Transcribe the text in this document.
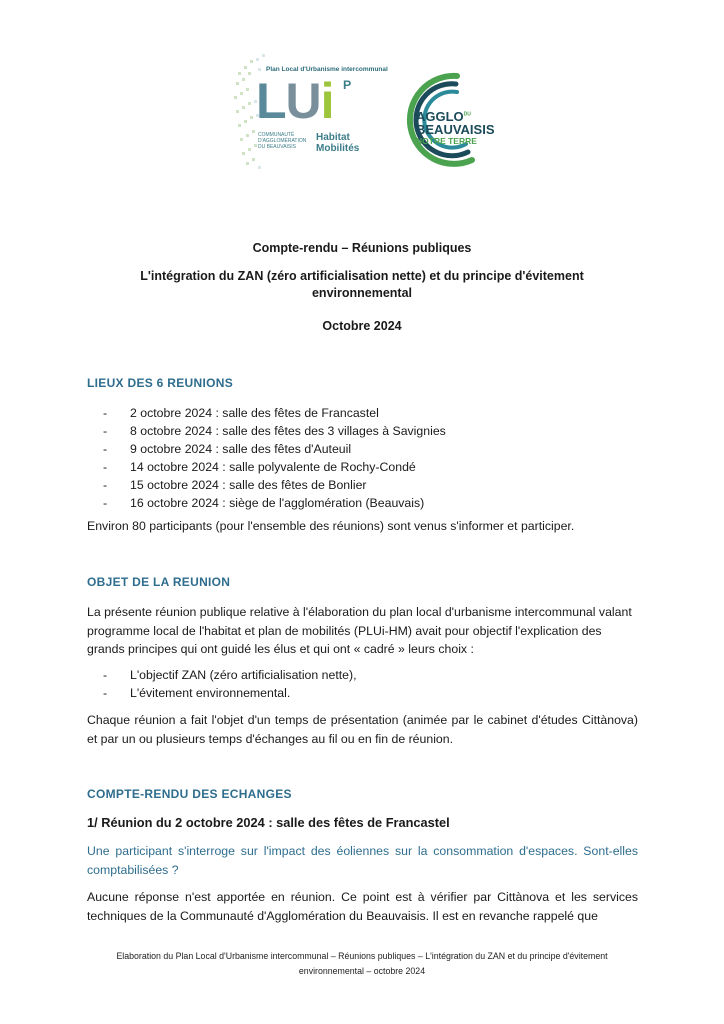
Plan Local d'Urbanisme intercommunal
P
LUi
COMMUNAUTÉ
D'AGGLOMÉRATION
DU BEAUVAISIS
Habitat
Mobilités
$AGGLO^{DU}$
BEAUVAISIS
NOTRE TERRE
Compte-rendu – Réunions publiques
L'intégration du ZAN (zéro artificialisation nette) et du principe d'évitement environnemental
Octobre 2024
LIEUX DES 6 REUNIONS
- 2 octobre 2024 : salle des fêtes de Francastel
- 8 octobre 2024 : salle des fêtes des 3 villages à Savignies
- 9 octobre 2024 : salle des fêtes d'Auteuil
- 14 octobre 2024 : salle polyvalente de Rochy-Condé
- 15 octobre 2024 : salle des fêtes de Bonlier
- 16 octobre 2024 : siège de l'agglomération (Beauvais)
Environ 80 participants (pour l'ensemble des réunions) sont venus s'informer et participer.
OBJET DE LA REUNION
La présente réunion publique relative à l'élaboration du plan local d'urbanisme intercommunal valant programme local de l'habitat et plan de mobilités (PLUi-HM) avait pour objectif l'explication des grands principes qui ont guidé les élus et qui ont « cadré » leurs choix :
- L'objectif ZAN (zéro artificialisation nette),
- L'évitement environnemental.
Chaque réunion a fait l'objet d'un temps de présentation (animée par le cabinet d'études Cittànova) et par un ou plusieurs temps d'échanges au fil ou en fin de réunion.
COMPTE-RENDU DES ECHANGES
1/ Réunion du 2 octobre 2024 : salle des fêtes de Francastel
Une participant s'interroge sur l'impact des éoliennes sur la consommation d'espaces. Sont-elles comptabilisées ?
Aucune réponse n'est apportée en réunion. Ce point est à vérifier par Cittànova et les services techniques de la Communauté d'Agglomération du Beauvaisis. Il est en revanche rappelé que
Elaboration du Plan Local d'Urbanisme intercommunal – Réunions publiques – L'intégration du ZAN et du principe d'évitement
environnemental – octobre 2024
